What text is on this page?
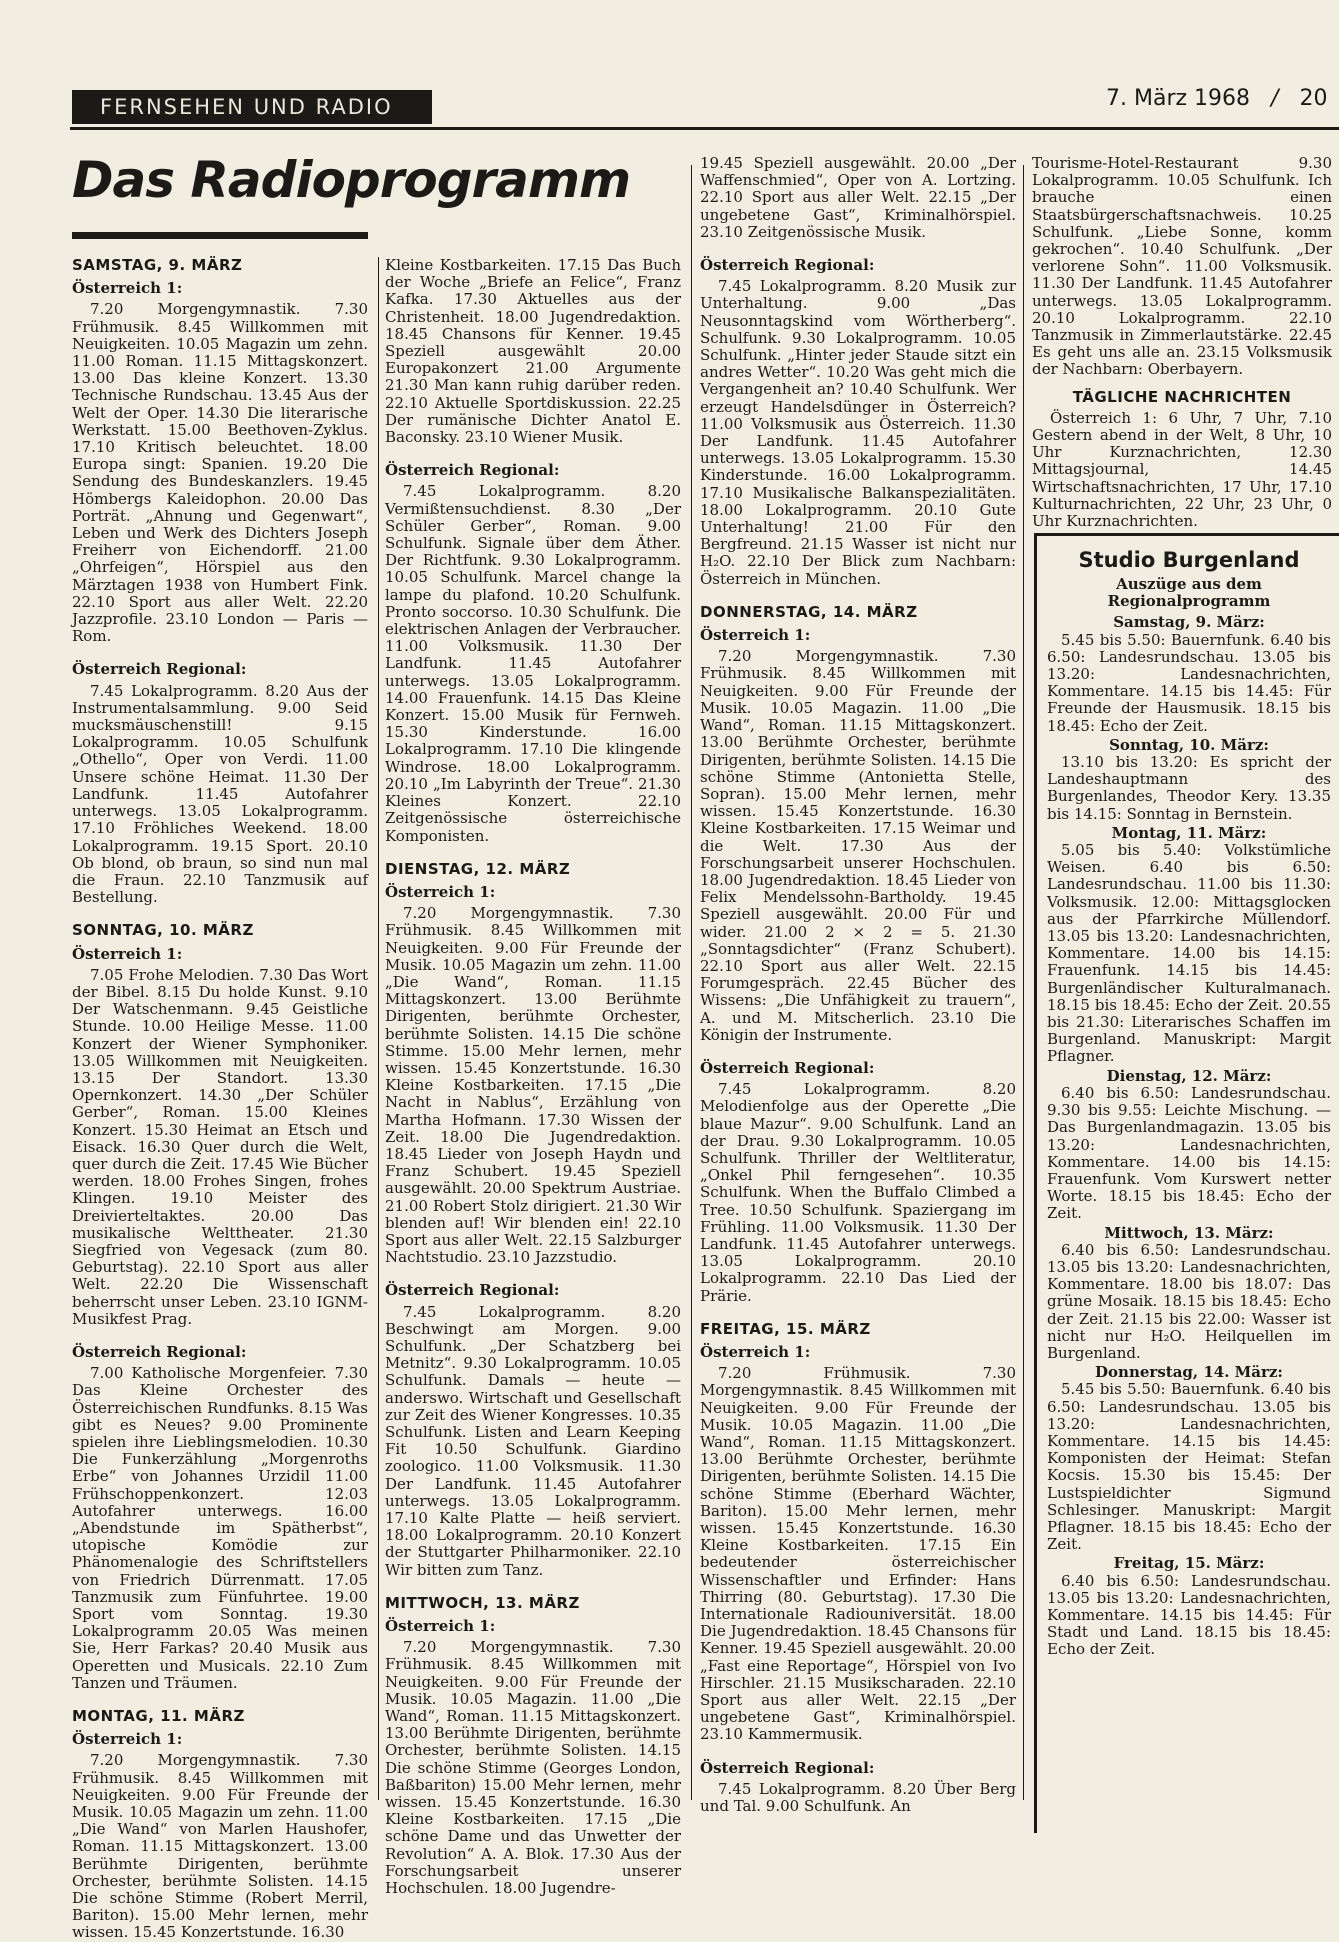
FERNSEHEN UND RADIO	7. März 1968 / 20
Das Radioprogramm
SAMSTAG, 9. MÄRZ
Österreich 1:

7.20 Morgengymnastik. 7.30 Frühmusik. 8.45 Willkommen mit Neuigkeiten. 10.05 Magazin um zehn. 11.00 Roman. 11.15 Mittagskonzert. 13.00 Das kleine Konzert. 13.30 Technische Rundschau. 13.45 Aus der Welt der Oper. 14.30 Die literarische Werkstatt. 15.00 Beethoven-Zyklus. 17.10 Kritisch beleuchtet. 18.00 Europa singt: Spanien. 19.20 Die Sendung des Bundeskanzlers. 19.45 Hömbergs Kaleidophon. 20.00 Das Porträt. „Ahnung und Gegenwart“, Leben und Werk des Dichters Joseph Freiherr von Eichendorff. 21.00 „Ohrfeigen“, Hörspiel aus den Märztagen 1938 von Humbert Fink. 22.10 Sport aus aller Welt. 22.20 Jazzprofile. 23.10 London — Paris — Rom.

Österreich Regional:

7.45 Lokalprogramm. 8.20 Aus der Instrumentalsammlung. 9.00 Seid mucksmäuschenstill! 9.15 Lokalprogramm. 10.05 Schulfunk „Othello“, Oper von Verdi. 11.00 Unsere schöne Heimat. 11.30 Der Landfunk. 11.45 Autofahrer unterwegs. 13.05 Lokalprogramm. 17.10 Fröhliches Weekend. 18.00 Lokalprogramm. 19.15 Sport. 20.10 Ob blond, ob braun, so sind nun mal die Fraun. 22.10 Tanzmusik auf Bestellung.

SONNTAG, 10. MÄRZ
Österreich 1:

7.05 Frohe Melodien. 7.30 Das Wort der Bibel. 8.15 Du holde Kunst. 9.10 Der Watschenmann. 9.45 Geistliche Stunde. 10.00 Heilige Messe. 11.00 Konzert der Wiener Symphoniker. 13.05 Willkommen mit Neuigkeiten. 13.15 Der Standort. 13.30 Opernkonzert. 14.30 „Der Schüler Gerber“, Roman. 15.00 Kleines Konzert. 15.30 Heimat an Etsch und Eisack. 16.30 Quer durch die Welt, quer durch die Zeit. 17.45 Wie Bücher werden. 18.00 Frohes Singen, frohes Klingen. 19.10 Meister des Dreivierteltaktes. 20.00 Das musikalische Welttheater. 21.30 Siegfried von Vegesack (zum 80. Geburtstag). 22.10 Sport aus aller Welt. 22.20 Die Wissenschaft beherrscht unser Leben. 23.10 IGNM-Musikfest Prag.

Österreich Regional:

7.00 Katholische Morgenfeier. 7.30 Das Kleine Orchester des Österreichischen Rundfunks. 8.15 Was gibt es Neues? 9.00 Prominente spielen ihre Lieblingsmelodien. 10.30 Die Funkerzählung „Morgenroths Erbe“ von Johannes Urzidil 11.00 Frühschoppenkonzert. 12.03 Autofahrer unterwegs. 16.00 „Abendstunde im Spätherbst“, utopische Komödie zur Phänomenalogie des Schriftstellers von Friedrich Dürrenmatt. 17.05 Tanzmusik zum Fünfuhrtee. 19.00 Sport vom Sonntag. 19.30 Lokalprogramm 20.05 Was meinen Sie, Herr Farkas? 20.40 Musik aus Operetten und Musicals. 22.10 Zum Tanzen und Träumen.

MONTAG, 11. MÄRZ
Österreich 1:

7.20 Morgengymnastik. 7.30 Frühmusik. 8.45 Willkommen mit Neuigkeiten. 9.00 Für Freunde der Musik. 10.05 Magazin um zehn. 11.00 „Die Wand“ von Marlen Haushofer, Roman. 11.15 Mittagskonzert. 13.00 Berühmte Dirigenten, berühmte Orchester, berühmte Solisten. 14.15 Die schöne Stimme (Robert Merril, Bariton). 15.00 Mehr lernen, mehr wissen. 15.45 Konzertstunde. 16.30

Kleine Kostbarkeiten. 17.15 Das Buch der Woche „Briefe an Felice“, Franz Kafka. 17.30 Aktuelles aus der Christenheit. 18.00 Jugendredaktion. 18.45 Chansons für Kenner. 19.45 Speziell ausgewählt 20.00 Europakonzert 21.00 Argumente 21.30 Man kann ruhig darüber reden. 22.10 Aktuelle Sportdiskussion. 22.25 Der rumänische Dichter Anatol E. Baconsky. 23.10 Wiener Musik.

Österreich Regional:

7.45 Lokalprogramm. 8.20 Vermißtensuchdienst. 8.30 „Der Schüler Gerber“, Roman. 9.00 Schulfunk. Signale über dem Äther. Der Richtfunk. 9.30 Lokalprogramm. 10.05 Schulfunk. Marcel change la lampe du plafond. 10.20 Schulfunk. Pronto soccorso. 10.30 Schulfunk. Die elektrischen Anlagen der Verbraucher. 11.00 Volksmusik. 11.30 Der Landfunk. 11.45 Autofahrer unterwegs. 13.05 Lokalprogramm. 14.00 Frauenfunk. 14.15 Das Kleine Konzert. 15.00 Musik für Fernweh. 15.30 Kinderstunde. 16.00 Lokalprogramm. 17.10 Die klingende Windrose. 18.00 Lokalprogramm. 20.10 „Im Labyrinth der Treue“. 21.30 Kleines Konzert. 22.10 Zeitgenössische österreichische Komponisten.

DIENSTAG, 12. MÄRZ
Österreich 1:

7.20 Morgengymnastik. 7.30 Frühmusik. 8.45 Willkommen mit Neuigkeiten. 9.00 Für Freunde der Musik. 10.05 Magazin um zehn. 11.00 „Die Wand“, Roman. 11.15 Mittagskonzert. 13.00 Berühmte Dirigenten, berühmte Orchester, berühmte Solisten. 14.15 Die schöne Stimme. 15.00 Mehr lernen, mehr wissen. 15.45 Konzertstunde. 16.30 Kleine Kostbarkeiten. 17.15 „Die Nacht in Nablus“, Erzählung von Martha Hofmann. 17.30 Wissen der Zeit. 18.00 Die Jugendredaktion. 18.45 Lieder von Joseph Haydn und Franz Schubert. 19.45 Speziell ausgewählt. 20.00 Spektrum Austriae. 21.00 Robert Stolz dirigiert. 21.30 Wir blenden auf! Wir blenden ein! 22.10 Sport aus aller Welt. 22.15 Salzburger Nachtstudio. 23.10 Jazzstudio.

Österreich Regional:

7.45 Lokalprogramm. 8.20 Beschwingt am Morgen. 9.00 Schulfunk. „Der Schatzberg bei Metnitz“. 9.30 Lokalprogramm. 10.05 Schulfunk. Damals — heute — anderswo. Wirtschaft und Gesellschaft zur Zeit des Wiener Kongresses. 10.35 Schulfunk. Listen and Learn Keeping Fit 10.50 Schulfunk. Giardino zoologico. 11.00 Volksmusik. 11.30 Der Landfunk. 11.45 Autofahrer unterwegs. 13.05 Lokalprogramm. 17.10 Kalte Platte — heiß serviert. 18.00 Lokalprogramm. 20.10 Konzert der Stuttgarter Philharmoniker. 22.10 Wir bitten zum Tanz.

MITTWOCH, 13. MÄRZ
Österreich 1:

7.20 Morgengymnastik. 7.30 Frühmusik. 8.45 Willkommen mit Neuigkeiten. 9.00 Für Freunde der Musik. 10.05 Magazin. 11.00 „Die Wand“, Roman. 11.15 Mittagskonzert. 13.00 Berühmte Dirigenten, berühmte Orchester, berühmte Solisten. 14.15 Die schöne Stimme (Georges London, Baßbariton) 15.00 Mehr lernen, mehr wissen. 15.45 Konzertstunde. 16.30 Kleine Kostbarkeiten. 17.15 „Die schöne Dame und das Unwetter der Revolution“ A. A. Blok. 17.30 Aus der Forschungsarbeit unserer Hochschulen. 18.00 Jugendre-

19.45 Speziell ausgewählt. 20.00 „Der Waffenschmied“, Oper von A. Lortzing. 22.10 Sport aus aller Welt. 22.15 „Der ungebetene Gast“, Kriminalhörspiel. 23.10 Zeitgenössische Musik.

Österreich Regional:

7.45 Lokalprogramm. 8.20 Musik zur Unterhaltung. 9.00 „Das Neusonntagskind vom Wörtherberg“. Schulfunk. 9.30 Lokalprogramm. 10.05 Schulfunk. „Hinter jeder Staude sitzt ein andres Wetter“. 10.20 Was geht mich die Vergangenheit an? 10.40 Schulfunk. Wer erzeugt Handelsdünger in Österreich? 11.00 Volksmusik aus Österreich. 11.30 Der Landfunk. 11.45 Autofahrer unterwegs. 13.05 Lokalprogramm. 15.30 Kinderstunde. 16.00 Lokalprogramm. 17.10 Musikalische Balkanspezialitäten. 18.00 Lokalprogramm. 20.10 Gute Unterhaltung! 21.00 Für den Bergfreund. 21.15 Wasser ist nicht nur H₂O. 22.10 Der Blick zum Nachbarn: Österreich in München.

DONNERSTAG, 14. MÄRZ
Österreich 1:

7.20 Morgengymnastik. 7.30 Frühmusik. 8.45 Willkommen mit Neuigkeiten. 9.00 Für Freunde der Musik. 10.05 Magazin. 11.00 „Die Wand“, Roman. 11.15 Mittagskonzert. 13.00 Berühmte Orchester, berühmte Dirigenten, berühmte Solisten. 14.15 Die schöne Stimme (Antonietta Stelle, Sopran). 15.00 Mehr lernen, mehr wissen. 15.45 Konzertstunde. 16.30 Kleine Kostbarkeiten. 17.15 Weimar und die Welt. 17.30 Aus der Forschungsarbeit unserer Hochschulen. 18.00 Jugendredaktion. 18.45 Lieder von Felix Mendelssohn-Bartholdy. 19.45 Speziell ausgewählt. 20.00 Für und wider. 21.00 2 × 2 = 5. 21.30 „Sonntagsdichter“ (Franz Schubert). 22.10 Sport aus aller Welt. 22.15 Forumgespräch. 22.45 Bücher des Wissens: „Die Unfähigkeit zu trauern“, A. und M. Mitscherlich. 23.10 Die Königin der Instrumente.

Österreich Regional:

7.45 Lokalprogramm. 8.20 Melodienfolge aus der Operette „Die blaue Mazur“. 9.00 Schulfunk. Land an der Drau. 9.30 Lokalprogramm. 10.05 Schulfunk. Thriller der Weltliteratur, „Onkel Phil ferngesehen“. 10.35 Schulfunk. When the Buffalo Climbed a Tree. 10.50 Schulfunk. Spaziergang im Frühling. 11.00 Volksmusik. 11.30 Der Landfunk. 11.45 Autofahrer unterwegs. 13.05 Lokalprogramm. 20.10 Lokalprogramm. 22.10 Das Lied der Prärie.

FREITAG, 15. MÄRZ
Österreich 1:

7.20 Frühmusik. 7.30 Morgengymnastik. 8.45 Willkommen mit Neuigkeiten. 9.00 Für Freunde der Musik. 10.05 Magazin. 11.00 „Die Wand“, Roman. 11.15 Mittagskonzert. 13.00 Berühmte Orchester, berühmte Dirigenten, berühmte Solisten. 14.15 Die schöne Stimme (Eberhard Wächter, Bariton). 15.00 Mehr lernen, mehr wissen. 15.45 Konzertstunde. 16.30 Kleine Kostbarkeiten. 17.15 Ein bedeutender österreichischer Wissenschaftler und Erfinder: Hans Thirring (80. Geburtstag). 17.30 Die Internationale Radiouniversität. 18.00 Die Jugendredaktion. 18.45 Chansons für Kenner. 19.45 Speziell ausgewählt. 20.00 „Fast eine Reportage“, Hörspiel von Ivo Hirschler. 21.15 Musikscharaden. 22.10 Sport aus aller Welt. 22.15 „Der ungebetene Gast“, Kriminalhörspiel. 23.10 Kammermusik.

Österreich Regional:

7.45 Lokalprogramm. 8.20 Über Berg und Tal. 9.00 Schulfunk. An

Tourisme-Hotel-Restaurant 9.30 Lokalprogramm. 10.05 Schulfunk. Ich brauche einen Staatsbürgerschaftsnachweis. 10.25 Schulfunk. „Liebe Sonne, komm gekrochen“. 10.40 Schulfunk. „Der verlorene Sohn“. 11.00 Volksmusik. 11.30 Der Landfunk. 11.45 Autofahrer unterwegs. 13.05 Lokalprogramm. 20.10 Lokalprogramm. 22.10 Tanzmusik in Zimmerlautstärke. 22.45 Es geht uns alle an. 23.15 Volksmusik der Nachbarn: Oberbayern.

TÄGLICHE NACHRICHTEN

Österreich 1: 6 Uhr, 7 Uhr, 7.10 Gestern abend in der Welt, 8 Uhr, 10 Uhr Kurznachrichten, 12.30 Mittagsjournal, 14.45 Wirtschaftsnachrichten, 17 Uhr, 17.10 Kulturnachrichten, 22 Uhr, 23 Uhr, 0 Uhr Kurznachrichten.

Studio Burgenland
Auszüge aus dem Regionalprogramm
Samstag, 9. März:

5.45 bis 5.50: Bauernfunk. 6.40 bis 6.50: Landesrundschau. 13.05 bis 13.20: Landesnachrichten, Kommentare. 14.15 bis 14.45: Für Freunde der Hausmusik. 18.15 bis 18.45: Echo der Zeit.

Sonntag, 10. März:

13.10 bis 13.20: Es spricht der Landeshauptmann des Burgenlandes, Theodor Kery. 13.35 bis 14.15: Sonntag in Bernstein.

Montag, 11. März:

5.05 bis 5.40: Volkstümliche Weisen. 6.40 bis 6.50: Landesrundschau. 11.00 bis 11.30: Volksmusik. 12.00: Mittagsglocken aus der Pfarrkirche Müllendorf. 13.05 bis 13.20: Landesnachrichten, Kommentare. 14.00 bis 14.15: Frauenfunk. 14.15 bis 14.45: Burgenländischer Kulturalmanach. 18.15 bis 18.45: Echo der Zeit. 20.55 bis 21.30: Literarisches Schaffen im Burgenland. Manuskript: Margit Pflagner.

Dienstag, 12. März:

6.40 bis 6.50: Landesrundschau. 9.30 bis 9.55: Leichte Mischung. — Das Burgenlandmagazin. 13.05 bis 13.20: Landesnachrichten, Kommentare. 14.00 bis 14.15: Frauenfunk. Vom Kurswert netter Worte. 18.15 bis 18.45: Echo der Zeit.

Mittwoch, 13. März:

6.40 bis 6.50: Landesrundschau. 13.05 bis 13.20: Landesnachrichten, Kommentare. 18.00 bis 18.07: Das grüne Mosaik. 18.15 bis 18.45: Echo der Zeit. 21.15 bis 22.00: Wasser ist nicht nur H₂O. Heilquellen im Burgenland.

Donnerstag, 14. März:

5.45 bis 5.50: Bauernfunk. 6.40 bis 6.50: Landesrundschau. 13.05 bis 13.20: Landesnachrichten, Kommentare. 14.15 bis 14.45: Komponisten der Heimat: Stefan Kocsis. 15.30 bis 15.45: Der Lustspieldichter Sigmund Schlesinger. Manuskript: Margit Pflagner. 18.15 bis 18.45: Echo der Zeit.

Freitag, 15. März:

6.40 bis 6.50: Landesrundschau. 13.05 bis 13.20: Landesnachrichten, Kommentare. 14.15 bis 14.45: Für Stadt und Land. 18.15 bis 18.45: Echo der Zeit.
